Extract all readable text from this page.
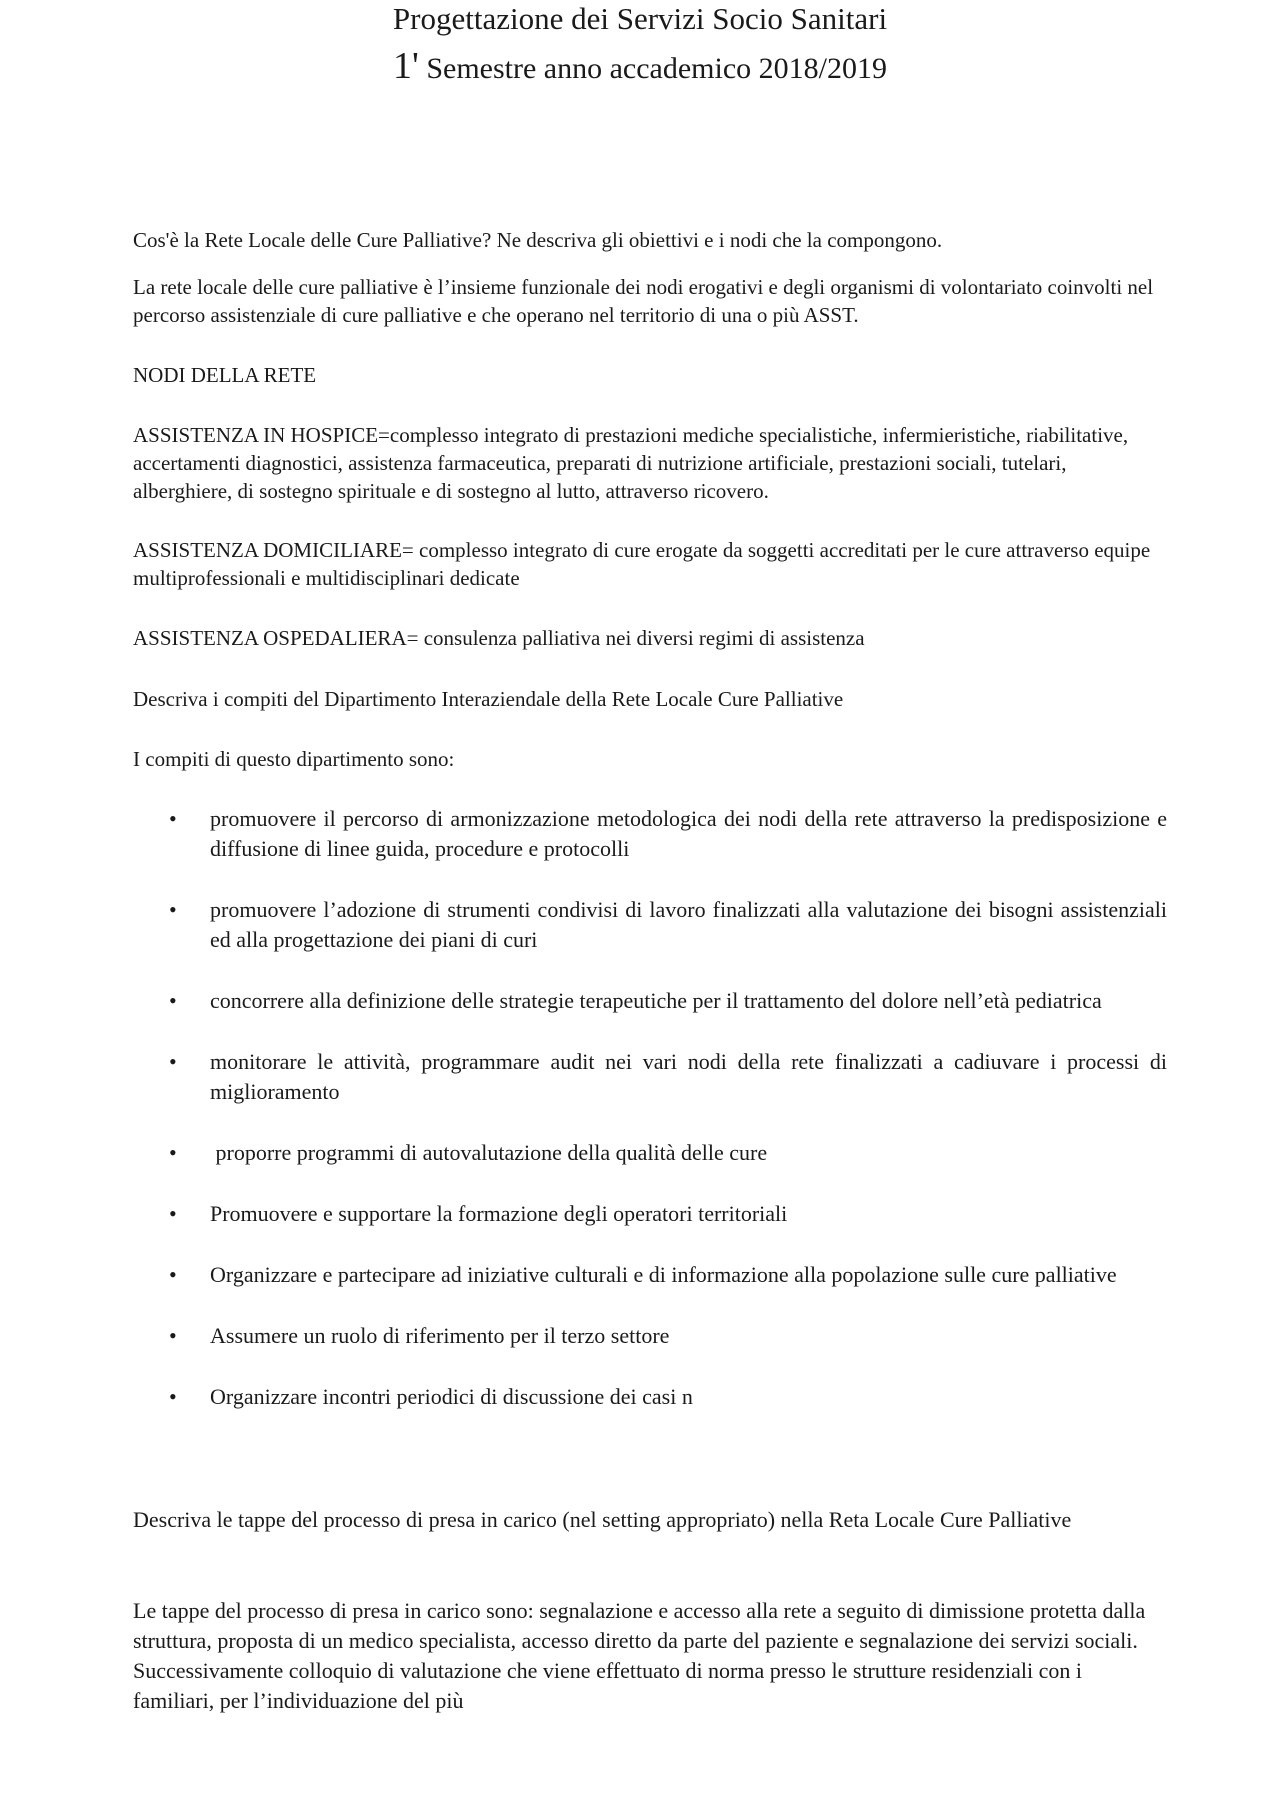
Progettazione dei Servizi Socio Sanitari
1' Semestre anno accademico 2018/2019
Cos'è la Rete Locale delle Cure Palliative? Ne descriva gli obiettivi e i nodi che la compongono.
La rete locale delle cure palliative è l’insieme funzionale dei nodi erogativi e degli organismi di volontariato coinvolti nel percorso assistenziale di cure palliative e che operano nel territorio di una o più ASST.
NODI DELLA RETE
ASSISTENZA IN HOSPICE=complesso integrato di prestazioni mediche specialistiche, infermieristiche, riabilitative, accertamenti diagnostici, assistenza farmaceutica, preparati di nutrizione artificiale, prestazioni sociali, tutelari, alberghiere, di sostegno spirituale e di sostegno al lutto, attraverso ricovero.
ASSISTENZA DOMICILIARE= complesso integrato di cure erogate da soggetti accreditati per le cure attraverso equipe multiprofessionali e multidisciplinari dedicate
ASSISTENZA OSPEDALIERA= consulenza palliativa nei diversi regimi di assistenza
Descriva i compiti del Dipartimento Interaziendale della Rete Locale Cure Palliative
I compiti di questo dipartimento sono:
• promuovere il percorso di armonizzazione metodologica dei nodi della rete attraverso la predisposizione e diffusione di linee guida, procedure e protocolli
• promuovere l’adozione di strumenti condivisi di lavoro finalizzati alla valutazione dei bisogni assistenziali ed alla progettazione dei piani di curi
• concorrere alla definizione delle strategie terapeutiche per il trattamento del dolore nell’età pediatrica
• monitorare le attività, programmare audit nei vari nodi della rete finalizzati a cadiuvare i processi di miglioramento
• proporre programmi di autovalutazione della qualità delle cure
• Promuovere e supportare la formazione degli operatori territoriali
• Organizzare e partecipare ad iniziative culturali e di informazione alla popolazione sulle cure palliative
• Assumere un ruolo di riferimento per il terzo settore
• Organizzare incontri periodici di discussione dei casi n
Descriva le tappe del processo di presa in carico (nel setting appropriato) nella Reta Locale Cure Palliative
Le tappe del processo di presa in carico sono: segnalazione e accesso alla rete a seguito di dimissione protetta dalla struttura, proposta di un medico specialista, accesso diretto da parte del paziente e segnalazione dei servizi sociali. Successivamente colloquio di valutazione che viene effettuato di norma presso le strutture residenziali con i familiari, per l’individuazione del più
